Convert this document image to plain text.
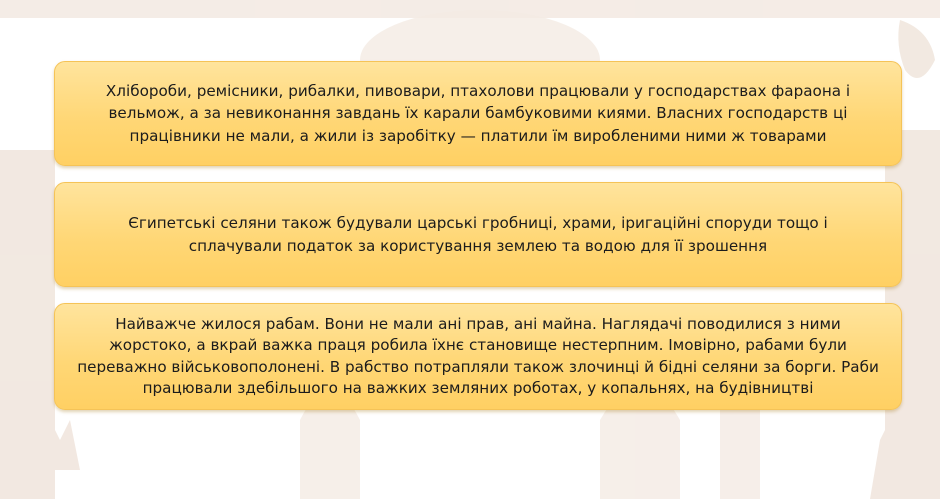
Хлібороби, ремісники, рибалки, пивовари, птахолови працювали у господарствах фараона і
вельмож, а за невиконання завдань їх карали бамбуковими киями. Власних господарств ці
працівники не мали, а жили із заробітку — платили їм виробленими ними ж товарами
Єгипетські селяни також будували царські гробниці, храми, іригаційні споруди тощо і
сплачували податок за користування землею та водою для її зрошення
Найважче жилося рабам. Вони не мали ані прав, ані майна. Наглядачі поводилися з ними
жорстоко, а вкрай важка праця робила їхнє становище нестерпним. Імовірно, рабами були
переважно військовополонені. В рабство потрапляли також злочинці й бідні селяни за борги. Раби
працювали здебільшого на важких земляних роботах, у копальнях, на будівництві
